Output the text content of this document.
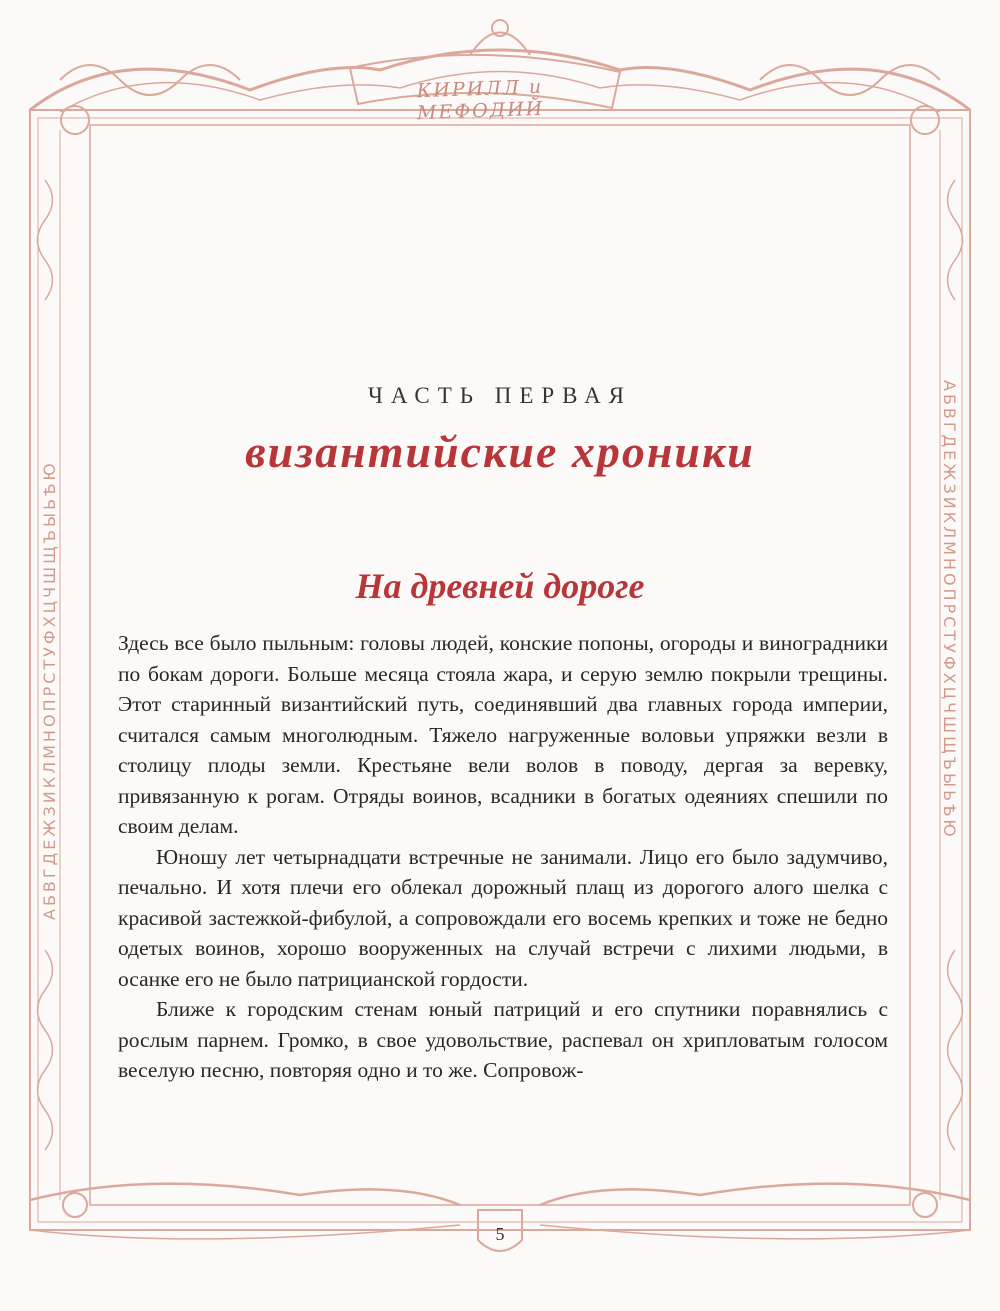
КИРИЛЛ и МЕФОДИЙ
АБВГДЕЖЗИКЛМНОПРСТУФХЦЧШЩЪЫЬѢЮ	АБВГДЕЖЗИКЛМНОПРСТУФХЦЧШЩЪЫЬѢЮ
ЧАСТЬ ПЕРВАЯ
византийские хроники
На древней дороге

Здесь все было пыльным: головы людей, конские попоны, огороды и виноградники по бокам дороги. Больше месяца стояла жара, и серую землю покрыли трещины. Этот старинный византийский путь, соединявший два главных города империи, считался самым многолюдным. Тяжело нагруженные воловьи упряжки везли в столицу плоды земли. Крестьяне вели волов в поводу, дергая за веревку, привязанную к рогам. Отряды воинов, всадники в богатых одеяниях спешили по своим делам.

Юношу лет четырнадцати встречные не занимали. Лицо его было задумчиво, печально. И хотя плечи его облекал дорожный плащ из дорогого алого шелка с красивой застежкой-фибулой, а сопровождали его восемь крепких и тоже не бедно одетых воинов, хорошо вооруженных на случай встречи с лихими людьми, в осанке его не было патрицианской гордости.

Ближе к городским стенам юный патриций и его спутники поравнялись с рослым парнем. Громко, в свое удовольствие, распевал он хрипловатым голосом веселую песню, повторяя одно и то же. Сопровож-

5
